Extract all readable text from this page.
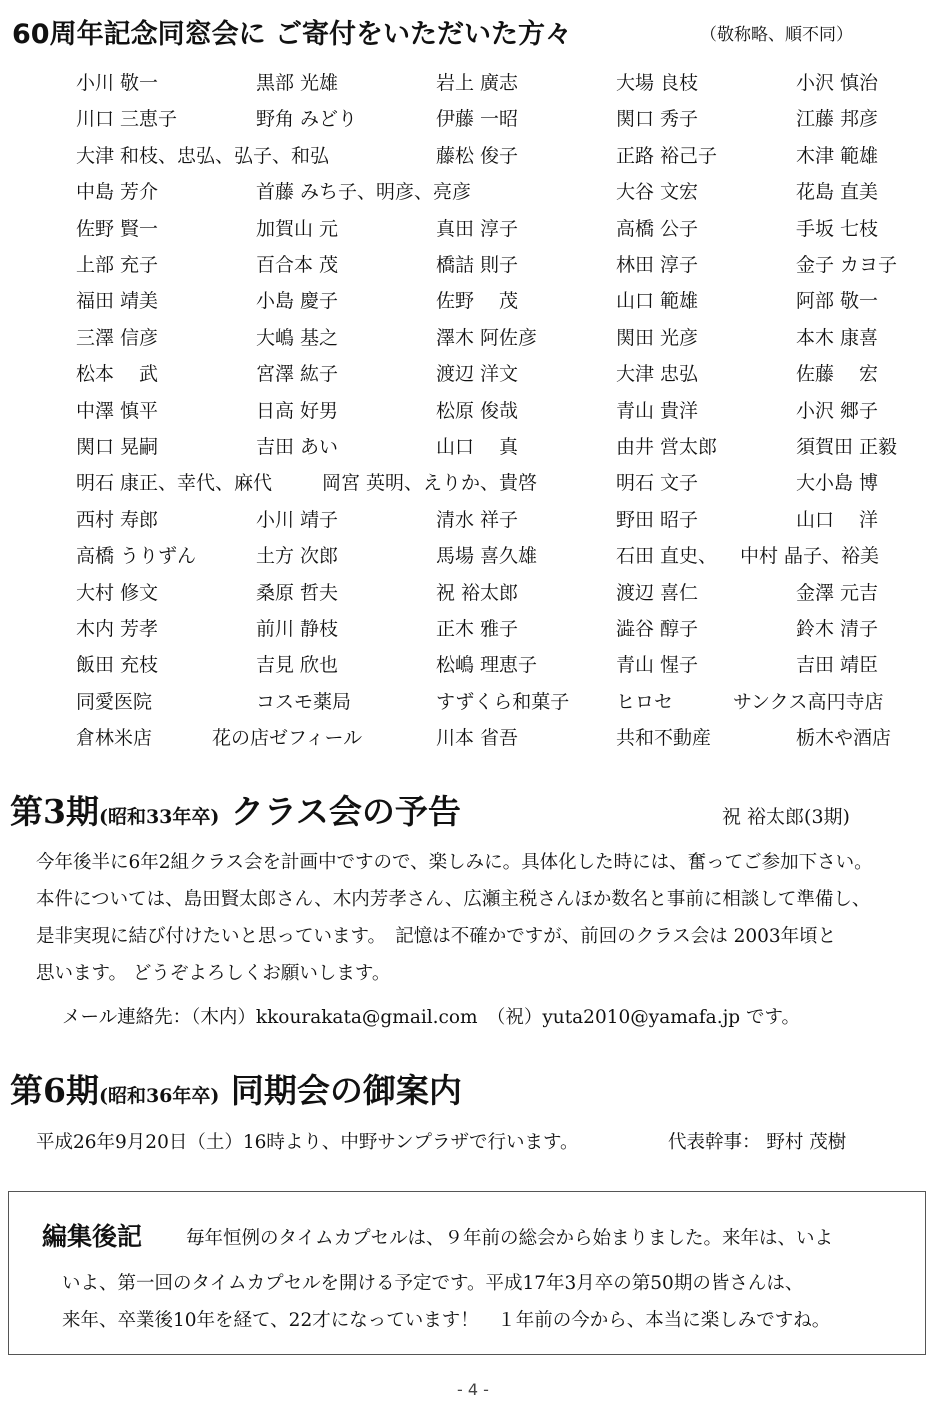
60周年記念同窓会に ご寄付をいただいた方々	（敬称略、順不同）
小川 敬一	黒部 光雄	岩上 廣志	大場 良枝	小沢 慎治
川口 三恵子	野角 みどり	伊藤 一昭	関口 秀子	江藤 邦彦
大津 和枝、忠弘、弘子、和弘	藤松 俊子	正路 裕己子	木津 範雄
中島 芳介	首藤 みち子、明彦、亮彦	大谷 文宏	花島 直美
佐野 賢一	加賀山 元	真田 淳子	高橋 公子	手坂 七枝
上部 充子	百合本 茂	橋詰 則子	林田 淳子	金子 カヨ子
福田 靖美	小島 慶子	佐野　 茂	山口 範雄	阿部 敬一
三澤 信彦	大嶋 基之	澤木 阿佐彦	関田 光彦	本木 康喜
松本　 武	宮澤 紘子	渡辺 洋文	大津 忠弘	佐藤　 宏
中澤 慎平	日高 好男	松原 俊哉	青山 貴洋	小沢 郷子
関口 晃嗣	吉田 あい	山口　 真	由井 営太郎	須賀田 正毅
明石 康正、幸代、麻代	岡宮 英明、えりか、貴啓	明石 文子	大小島 博
西村 寿郎	小川 靖子	清水 祥子	野田 昭子	山口　 洋
高橋 うりずん	土方 次郎	馬場 喜久雄	石田 直史、 中村 晶子、裕美
大村 修文	桑原 哲夫	祝 裕太郎	渡辺 喜仁	金澤 元吉
木内 芳孝	前川 静枝	正木 雅子	澁谷 醇子	鈴木 清子
飯田 充枝	吉見 欣也	松嶋 理恵子	青山 惺子	吉田 靖臣
同愛医院	コスモ薬局	すずくら和菓子 ヒロセ	サンクス高円寺店
倉林米店	花の店ゼフィール	川本 省吾	共和不動産	栃木や酒店
第3期(昭和33年卒) クラス会の予告	祝 裕太郎(3期)
今年後半に6年2組クラス会を計画中ですので、楽しみに。具体化した時には、奮ってご参加下さい。
本件については、島田賢太郎さん、木内芳孝さん、広瀬主税さんほか数名と事前に相談して準備し、
是非実現に結び付けたいと思っています。　記憶は不確かですが、前回のクラス会は 2003年頃と
思います。 どうぞよろしくお願いします。
メール連絡先：（木内）kkourakata@gmail.com　（祝）yuta2010@yamafa.jp です。
第6期(昭和36年卒) 同期会の御案内
平成26年9月20日（土）16時より、中野サンプラザで行います。	代表幹事： 野村 茂樹
編集後記 毎年恒例のタイムカプセルは、９年前の総会から始まりました。来年は、いよ
いよ、第一回のタイムカプセルを開ける予定です。平成17年3月卒の第50期の皆さんは、
来年、卒業後10年を経て、22才になっています！　１年前の今から、本当に楽しみですね。
- 4 -
